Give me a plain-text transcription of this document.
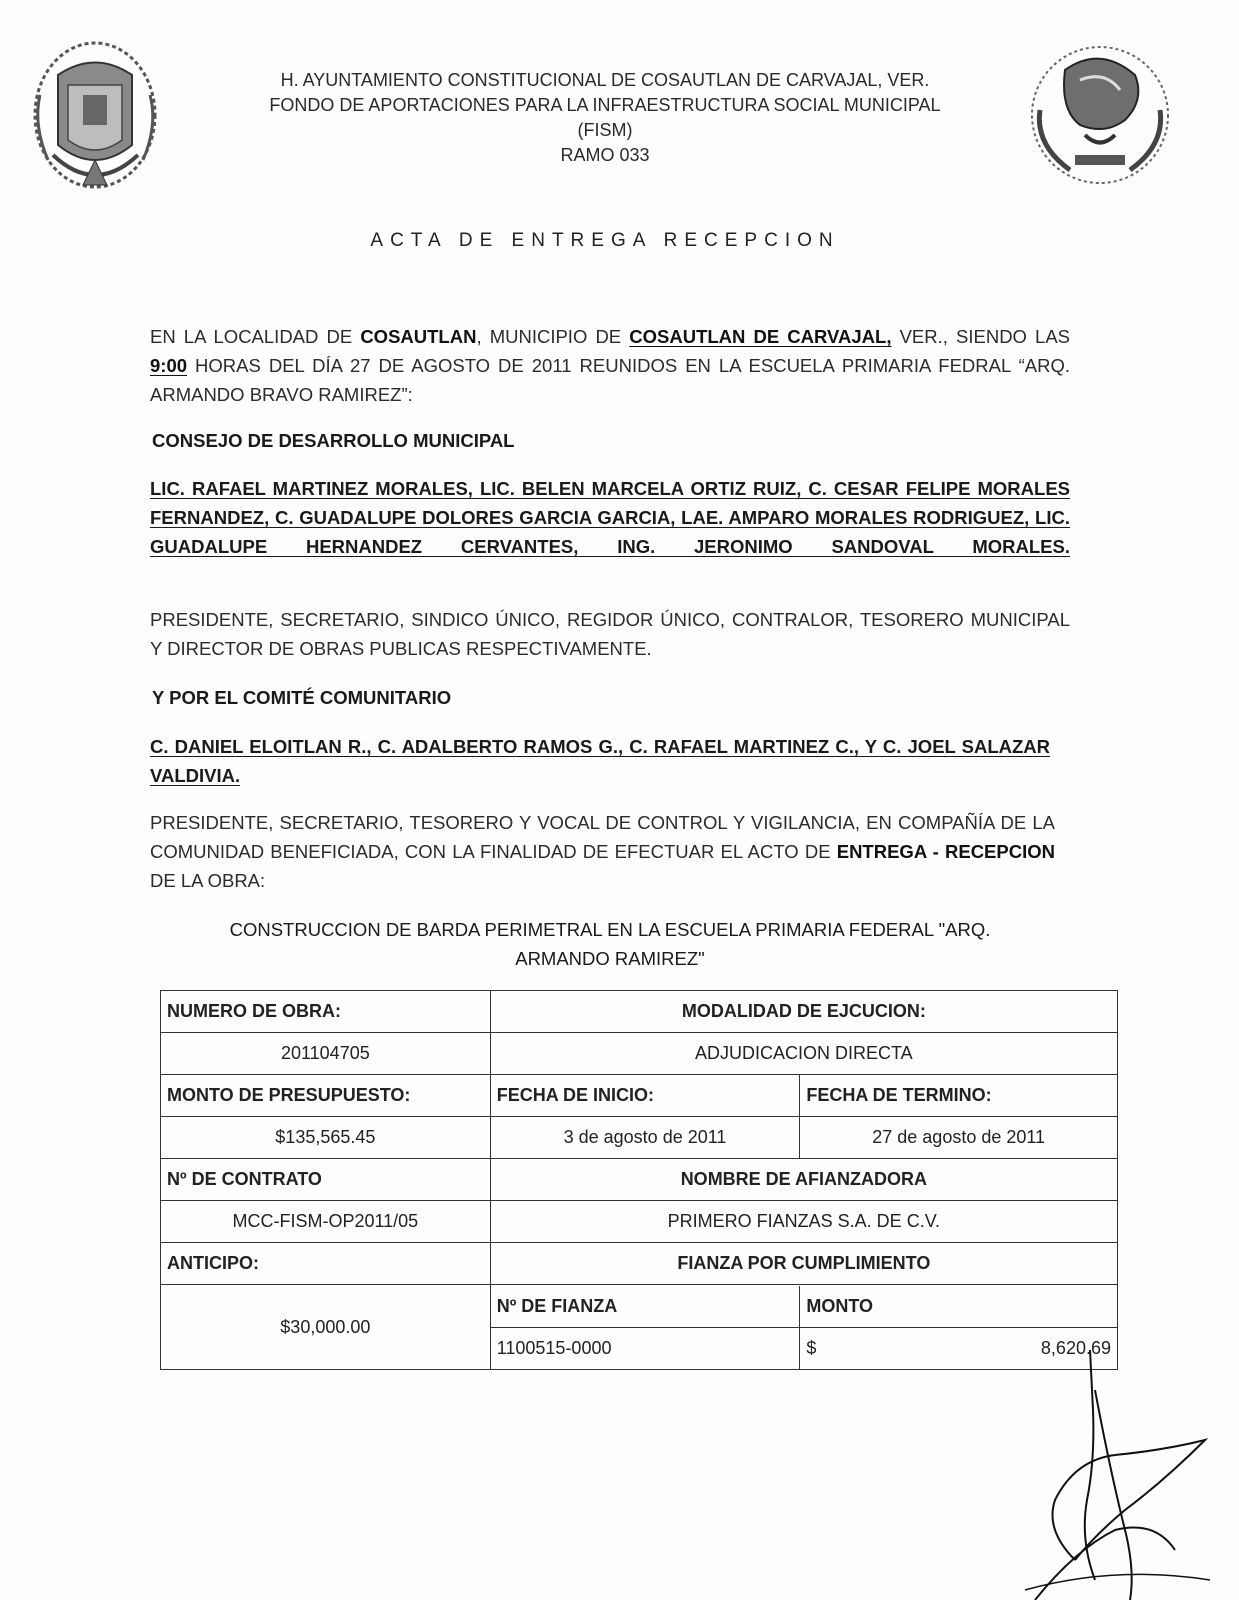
H. AYUNTAMIENTO CONSTITUCIONAL DE COSAUTLAN DE CARVAJAL, VER.
FONDO DE APORTACIONES PARA LA INFRAESTRUCTURA SOCIAL MUNICIPAL
(FISM)
RAMO 033
ACTA DE ENTREGA RECEPCION
EN LA LOCALIDAD DE COSAUTLAN, MUNICIPIO DE COSAUTLAN DE CARVAJAL, VER., SIENDO LAS 9:00 HORAS DEL DÍA 27 DE AGOSTO DE 2011 REUNIDOS EN LA ESCUELA PRIMARIA FEDRAL “ARQ. ARMANDO BRAVO RAMIREZ”:
CONSEJO DE DESARROLLO MUNICIPAL
LIC. RAFAEL MARTINEZ MORALES, LIC. BELEN MARCELA ORTIZ RUIZ, C. CESAR FELIPE MORALES FERNANDEZ, C. GUADALUPE DOLORES GARCIA GARCIA, LAE. AMPARO MORALES RODRIGUEZ, LIC. GUADALUPE HERNANDEZ CERVANTES, ING. JERONIMO SANDOVAL MORALES.
PRESIDENTE, SECRETARIO, SINDICO ÚNICO, REGIDOR ÚNICO, CONTRALOR, TESORERO MUNICIPAL Y DIRECTOR DE OBRAS PUBLICAS RESPECTIVAMENTE.
Y POR EL COMITÉ COMUNITARIO
C. DANIEL ELOITLAN R., C. ADALBERTO RAMOS G., C. RAFAEL MARTINEZ C., Y C. JOEL SALAZAR VALDIVIA.
PRESIDENTE, SECRETARIO, TESORERO Y VOCAL DE CONTROL Y VIGILANCIA, EN COMPAÑÍA DE LA COMUNIDAD BENEFICIADA, CON LA FINALIDAD DE EFECTUAR EL ACTO DE ENTREGA - RECEPCION DE LA OBRA:
CONSTRUCCION DE BARDA PERIMETRAL EN LA ESCUELA PRIMARIA FEDERAL "ARQ.
ARMANDO RAMIREZ"
NUMERO DE OBRA:	MODALIDAD DE EJCUCION:
201104705	ADJUDICACION DIRECTA
MONTO DE PRESUPUESTO:	FECHA DE INICIO:	FECHA DE TERMINO:
$135,565.45	3 de agosto de 2011	27 de agosto de 2011
Nº DE CONTRATO	NOMBRE DE AFIANZADORA
MCC-FISM-OP2011/05	PRIMERO FIANZAS S.A. DE C.V.
ANTICIPO:	FIANZA POR CUMPLIMIENTO
$30,000.00	
Nº DE FIANZA	MONTO
1100515-0000	$	8,620.69
